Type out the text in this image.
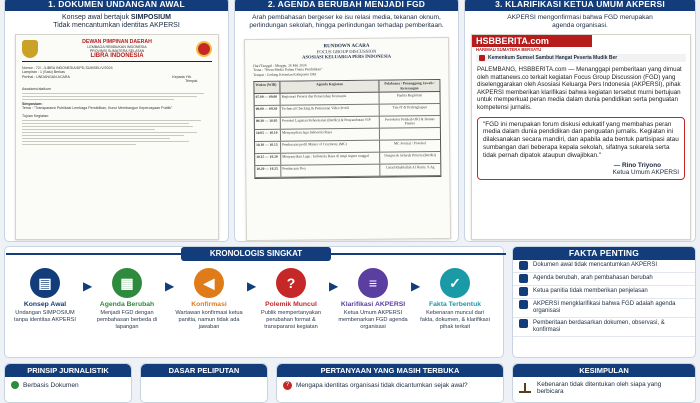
1. DOKUMEN UNDANGAN AWAL
Konsep awal bertajuk SIMPOSIUM
Tidak mencantumkan identitas AKPERSI
DEWAN PIMPINAN DAERAH
LEMBAGA REMBUKAN INDONESIA
PROVINSI SUMATERA SELATAN
LIBRA INDONESIA
Nomor : 72/.../LIBRA INDONESIA/DPD-SUMSEL/V/2024
Lampiran : 1 (Satu) Berkas
Perihal : UNDANGAN ACARA	Kepada Yth.
Tempat.
Assalamu'alaikum
Simposium:
Tema : "Transparansi Publikasi Lembaga Pendidikan, Kunci Membangun Kepercayaan Publik"
Tujuan Kegiatan:
2. AGENDA BERUBAH MENJADI FGD
Arah pembahasan bergeser ke isu relasi media, tekanan oknum, perlindungan sekolah, hingga perlindungan terhadap pemberitaan.
RUNDOWN ACARA
FOCUS GROUP DISCUSSION
ASOSIASI KELUARGA PERS INDONESIA
Hari/Tanggal : Minggu, 26 Mei 2024
Tema : "Peran Media Dalam Dunia Pendidikan"
Tempat : Gedung Kesenian Kabupaten OKI
Waktu (WIB)	Agenda Kegiatan	Pelaksana / Penanggung Jawab / Keterangan
07.00 — 09.00	Registrasi Peserta dan Penyerahan Konsumsi	Panitia Registrasi
09.00 — 09.30	Technical Checking & Pemutaran Video Profil	Tim IT & Perlengkapan
09.30 — 10.05	Protokol Lagiatan Kehormatan (Berdiri) & Penyambutan VIP	Protokoler Pemkab OKI & Humas Panitia
10.05 — 10.10	Menyanyikan lagu Indonesia Raya
10.10 — 10.15	Pembacaan profil Master of Ceremony (MC)	MC Formal / Protokol
10.15 — 10.20	Menyanyikan Lagu : Indonesia Raya di tengi segera tunggal	Dirigen & Seluruh Peserta (Berdiri)
10.20 — 10.25	Pembacaan Doa	Ustad Khablullah Al Harits, S.Ag
3. KLARIFIKASI KETUA UMUM AKPERSI
AKPERSI mengonfirmasi bahwa FGD merupakan agenda organisasi.
HSBBERITA.com
HARIMAU SUMATERA BERSATU
Kemenkum Sumsel Sambut Hangat Peserta Mudik Ber
PALEMBANG, HSBBERITA.com — Menanggapi pemberitaan yang dimuat oleh mattanews.co terkait kegiatan Focus Group Discussion (FGD) yang diselenggarakan oleh Asosiasi Keluarga Pers Indonesia (AKPERSI), pihak AKPERSI memberikan klarifikasi bahwa kegiatan tersebut murni bertujuan untuk memperkuat peran media dalam dunia pendidikan serta penguatan kompetensi jurnalis.
"FGD ini merupakan forum diskusi edukatif yang membahas peran media dalam dunia pendidikan dan penguatan jurnalis. Kegiatan ini dilaksanakan secara mandiri, dan apabila ada bentuk partisipasi atau sumbangan dari beberapa kepala sekolah, sifatnya sukarela serta tidak pernah dipatok ataupun diwajibkan."
— Rino Triyono
Ketua Umum AKPERSI
KRONOLOGIS SINGKAT
▤
Konsep Awal
Undangan SIMPOSIUM tanpa identitas AKPERSI
▶ ▦
Agenda Berubah
Menjadi FGD dengan pembahasan berbeda di lapangan
▶ ◀
Konfirmasi
Wartawan konfirmasi ketua panitia, namun tidak ada jawaban
▶ ?
Polemik Muncul
Publik mempertanyakan perubahan format & transparansi kegiatan
▶ ≡
Klarifikasi AKPERSI
Ketua Umum AKPERSI membenarkan FGD agenda organisasi
▶ ✓
Fakta Terbentuk
Kebenaran muncul dari fakta, dokumen, & klarifikasi pihak terkait
FAKTA PENTING
Dokumen awal tidak mencantumkan AKPERSI
Agenda berubah, arah pembahasan berubah
Ketua panitia tidak memberikan penjelasan
AKPERSI mengklarifikasi bahwa FGD adalah agenda organisasi
Pemberitaan berdasarkan dokumen, observasi, & konfirmasi
PRINSIP JURNALISTIK
Berbasis Dokumen
DASAR PELIPUTAN	PERTANYAAN YANG MASIH TERBUKA
?	Mengapa identitas organisasi tidak dicantumkan sejak awal?
KESIMPULAN
Kebenaran tidak ditentukan oleh siapa yang berbicara
